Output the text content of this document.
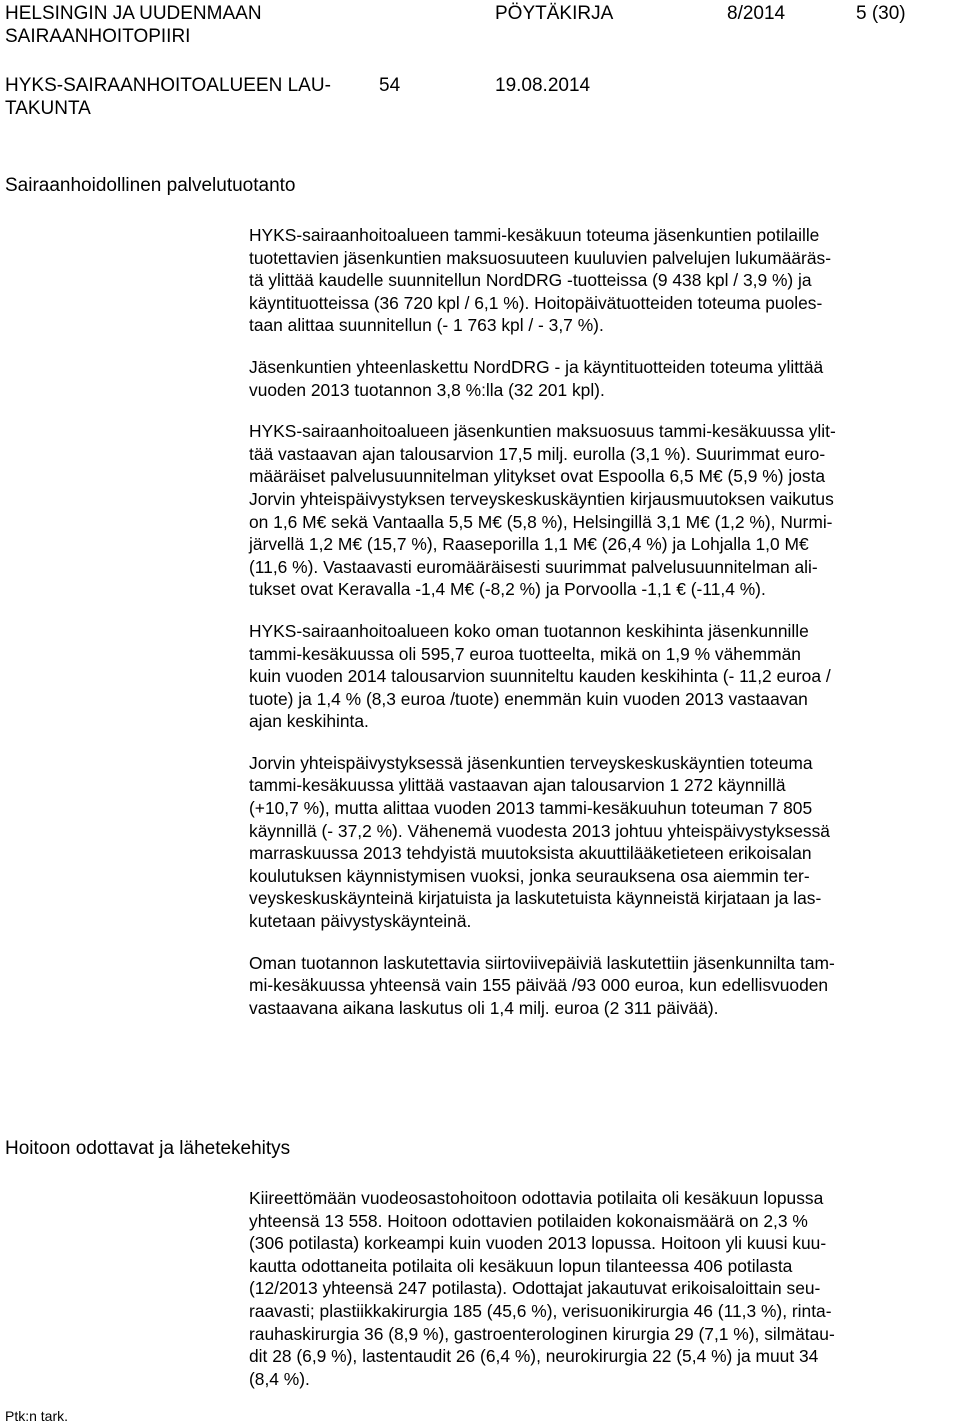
HELSINGIN JA UUDENMAAN
SAIRAANHOITOPIIRI
PÖYTÄKIRJA	8/2014	5 (30)
HYKS-SAIRAANHOITOALUEEN LAU-
TAKUNTA
54	19.08.2014
Sairaanhoidollinen palvelutuotanto

HYKS-sairaanhoitoalueen tammi-kesäkuun toteuma jäsenkuntien potilaille
tuotettavien jäsenkuntien maksuosuuteen kuuluvien palvelujen lukumääräs-
tä ylittää kaudelle suunnitellun NordDRG -tuotteissa (9 438 kpl / 3,9 %) ja
käyntituotteissa (36 720 kpl / 6,1 %). Hoitopäivätuotteiden toteuma puoles-
taan alittaa suunnitellun (- 1 763 kpl / - 3,7 %).

Jäsenkuntien yhteenlaskettu NordDRG - ja käyntituotteiden toteuma ylittää
vuoden 2013 tuotannon 3,8 %:lla (32 201 kpl).

HYKS-sairaanhoitoalueen jäsenkuntien maksuosuus tammi-kesäkuussa ylit-
tää vastaavan ajan talousarvion 17,5 milj. eurolla (3,1 %). Suurimmat euro-
määräiset palvelusuunnitelman ylitykset ovat Espoolla 6,5 M€ (5,9 %) josta
Jorvin yhteispäivystyksen terveyskeskuskäyntien kirjausmuutoksen vaikutus
on 1,6 M€ sekä Vantaalla 5,5 M€ (5,8 %), Helsingillä 3,1 M€ (1,2 %), Nurmi-
järvellä 1,2 M€ (15,7 %), Raaseporilla 1,1 M€ (26,4 %) ja Lohjalla 1,0 M€
(11,6 %). Vastaavasti euromääräisesti suurimmat palvelusuunnitelman ali-
tukset ovat Keravalla -1,4 M€ (-8,2 %) ja Porvoolla -1,1 € (-11,4 %).

HYKS-sairaanhoitoalueen koko oman tuotannon keskihinta jäsenkunnille
tammi-kesäkuussa oli 595,7 euroa tuotteelta, mikä on 1,9 % vähemmän
kuin vuoden 2014 talousarvion suunniteltu kauden keskihinta (- 11,2 euroa /
tuote) ja 1,4 % (8,3 euroa /tuote) enemmän kuin vuoden 2013 vastaavan
ajan keskihinta.

Jorvin yhteispäivystyksessä jäsenkuntien terveyskeskuskäyntien toteuma
tammi-kesäkuussa ylittää vastaavan ajan talousarvion 1 272 käynnillä
(+10,7 %), mutta alittaa vuoden 2013 tammi-kesäkuuhun toteuman 7 805
käynnillä (- 37,2 %). Vähenemä vuodesta 2013 johtuu yhteispäivystyksessä
marraskuussa 2013 tehdyistä muutoksista akuuttilääketieteen erikoisalan
koulutuksen käynnistymisen vuoksi, jonka seurauksena osa aiemmin ter-
veyskeskuskäynteinä kirjatuista ja laskutetuista käynneistä kirjataan ja las-
kutetaan päivystyskäynteinä.

Oman tuotannon laskutettavia siirtoviivepäiviä laskutettiin jäsenkunnilta tam-
mi-kesäkuussa yhteensä vain 155 päivää /93 000 euroa, kun edellisvuoden
vastaavana aikana laskutus oli 1,4 milj. euroa (2 311 päivää).

Hoitoon odottavat ja lähetekehitys

Kiireettömään vuodeosastohoitoon odottavia potilaita oli kesäkuun lopussa
yhteensä 13 558. Hoitoon odottavien potilaiden kokonaismäärä on 2,3 %
(306 potilasta) korkeampi kuin vuoden 2013 lopussa. Hoitoon yli kuusi kuu-
kautta odottaneita potilaita oli kesäkuun lopun tilanteessa 406 potilasta
(12/2013 yhteensä 247 potilasta). Odottajat jakautuvat erikoisaloittain seu-
raavasti; plastiikkakirurgia 185 (45,6 %), verisuonikirurgia 46 (11,3 %), rinta-
rauhaskirurgia 36 (8,9 %), gastroenterologinen kirurgia 29 (7,1 %), silmätau-
dit 28 (6,9 %), lastentaudit 26 (6,4 %), neurokirurgia 22 (5,4 %) ja muut 34
(8,4 %).

Ptk:n tark.
